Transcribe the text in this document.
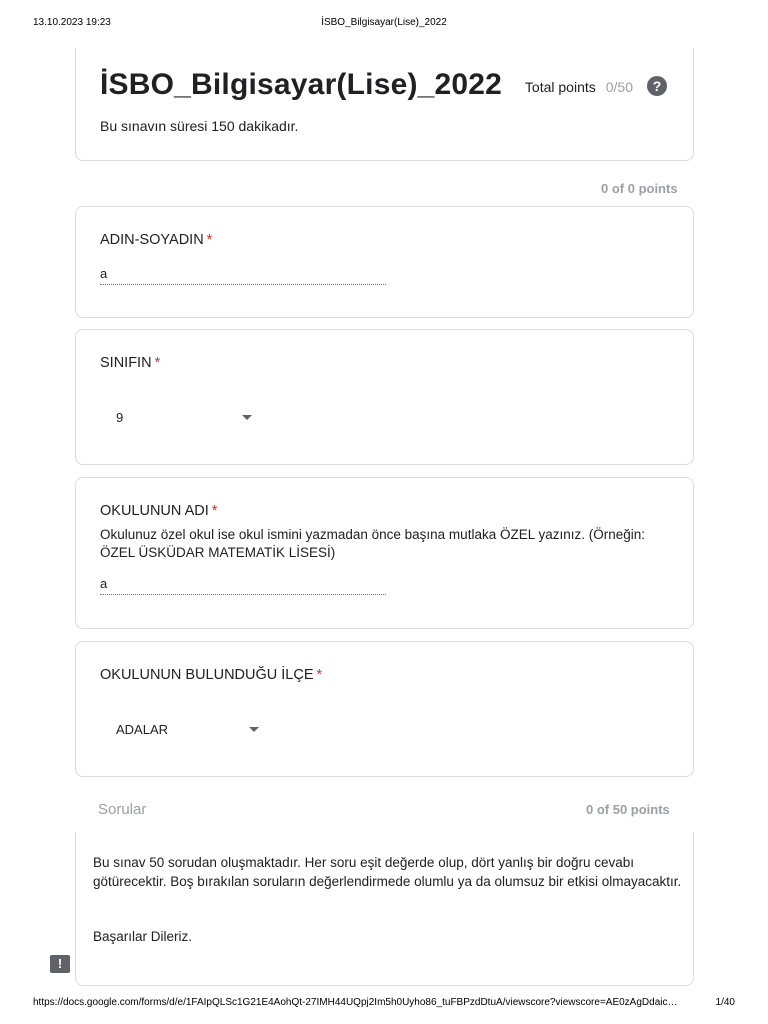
13.10.2023 19:23	İSBO_Bilgisayar(Lise)_2022
İSBO_Bilgisayar(Lise)_2022 Total points 0/50	?
Bu sınavın süresi 150 dakikadır.
0 of 0 points
ADIN-SOYADIN *
a
SINIFIN *
9
OKULUNUN ADI *
Okulunuz özel okul ise okul ismini yazmadan önce başına mutlaka ÖZEL yazınız. (Örneğin: ÖZEL ÜSKÜDAR MATEMATİK LİSESİ)
a
OKULUNUN BULUNDUĞU İLÇE *
ADALAR
Sorular	0 of 50 points
Bu sınav 50 sorudan oluşmaktadır. Her soru eşit değerde olup, dört yanlış bir doğru cevabı götürecektir. Boş bırakılan soruların değerlendirmede olumlu ya da olumsuz bir etkisi olmayacaktır.
Başarılar Dileriz.
!
https://docs.google.com/forms/d/e/1FAIpQLSc1G21E4AohQt-27IMH44UQpj2Im5h0Uyho86_tuFBPzdDtuA/viewscore?viewscore=AE0zAgDdaic…	1/40
